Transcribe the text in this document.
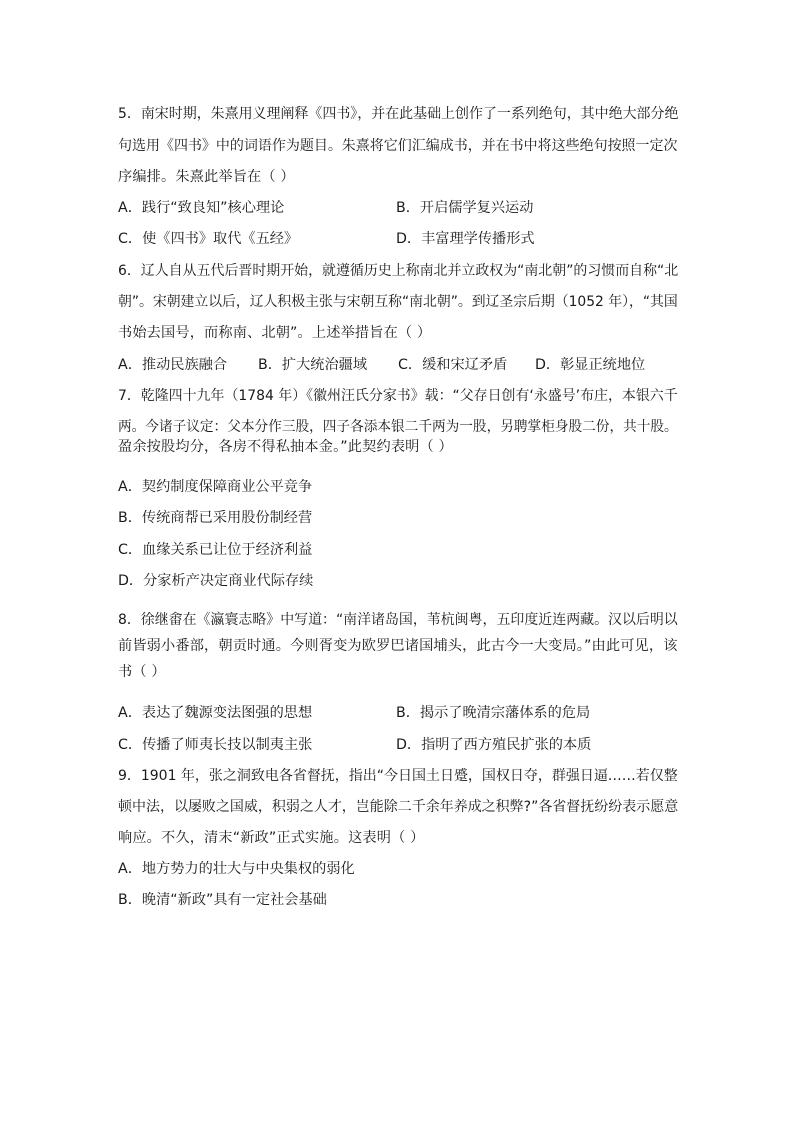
5．南宋时期，朱熹用义理阐释《四书》，并在此基础上创作了一系列绝句，其中绝大部分绝
句选用《四书》中的词语作为题目。朱熹将它们汇编成书，并在书中将这些绝句按照一定次
序编排。朱熹此举旨在（ ）
A．践行“致良知”核心理论	B．开启儒学复兴运动
C．使《四书》取代《五经》	D．丰富理学传播形式
6．辽人自从五代后晋时期开始，就遵循历史上称南北并立政权为“南北朝”的习惯而自称“北
朝”。宋朝建立以后，辽人积极主张与宋朝互称“南北朝”。到辽圣宗后期（1052 年），“其国
书始去国号，而称南、北朝”。上述举措旨在（ ）
A．推动民族融合 B．扩大统治疆域 C．缓和宋辽矛盾 D．彰显正统地位
7．乾隆四十九年（1784 年）《徽州汪氏分家书》载：“父存日创有‘永盛号’布庄，本银六千
两。今诸子议定：父本分作三股，四子各添本银二千两为一股，另聘掌柜身股二份，共十股。
盈余按股均分，各房不得私抽本金。”此契约表明（ ）
A．契约制度保障商业公平竞争
B．传统商帮已采用股份制经营
C．血缘关系已让位于经济利益
D．分家析产决定商业代际存续
8．徐继畬在《瀛寰志略》中写道：“南洋诸岛国，苇杭闽粤，五印度近连两藏。汉以后明以
前皆弱小番部，朝贡时通。今则胥变为欧罗巴诸国埔头，此古今一大变局。”由此可见，该
书（ ）
A．表达了魏源变法图强的思想	B．揭示了晚清宗藩体系的危局
C．传播了师夷长技以制夷主张	D．指明了西方殖民扩张的本质
9．1901 年，张之洞致电各省督抚，指出“今日国土日蹙，国权日夺，群强日逼……若仅整
顿中法，以屡败之国威，积弱之人才，岂能除二千余年养成之积弊?”各省督抚纷纷表示愿意
响应。不久，清末“新政”正式实施。这表明（ ）
A．地方势力的壮大与中央集权的弱化
B．晚清“新政”具有一定社会基础
